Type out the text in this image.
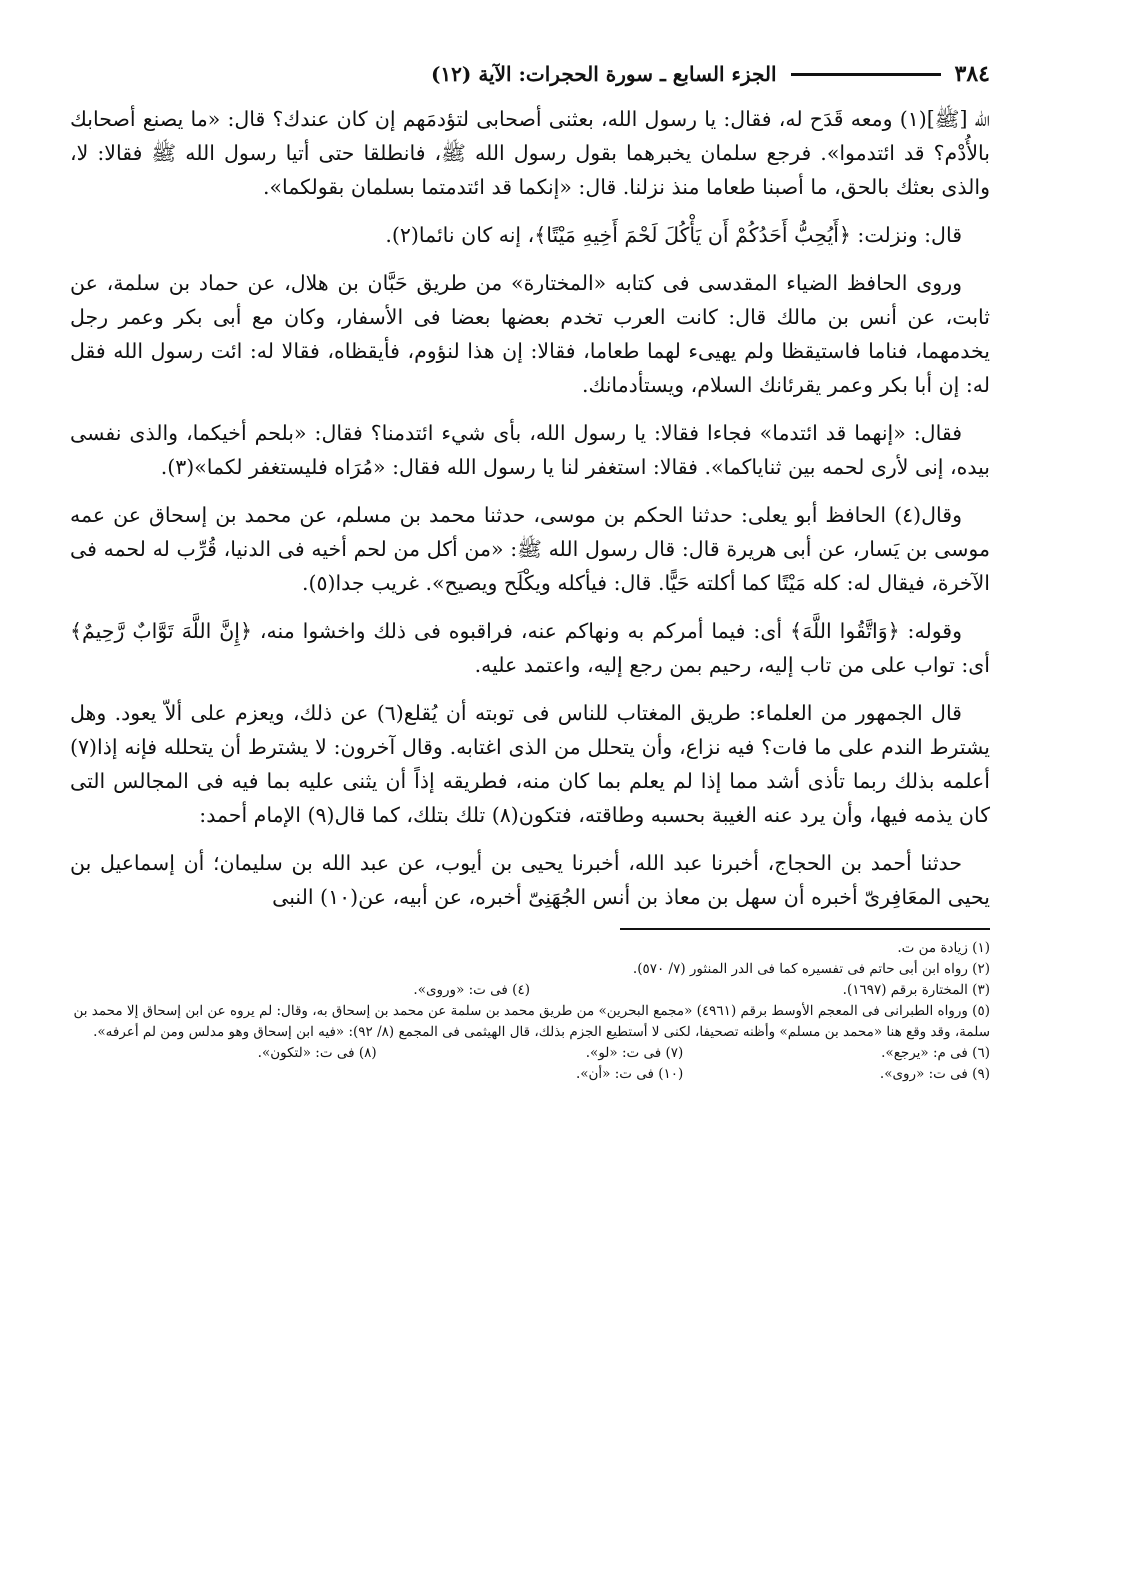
٣٨٤
الجزء السابع ـ سورة الحجرات: الآية (١٢)

الله [ﷺ](١) ومعه قَدَح له، فقال: يا رسول الله، بعثنى أصحابى لتؤدمَهم إن كان عندك؟ قال: «ما يصنع أصحابك بالأُدْم؟ قد ائتدموا». فرجع سلمان يخبرهما بقول رسول الله ﷺ، فانطلقا حتى أتيا رسول الله ﷺ فقالا: لا، والذى بعثك بالحق، ما أصبنا طعاما منذ نزلنا. قال: «إنكما قد ائتدمتما بسلمان بقولكما».

قال: ونزلت: ﴿أَيُحِبُّ أَحَدُكُمْ أَن يَأْكُلَ لَحْمَ أَخِيهِ مَيْتًا﴾، إنه كان نائما(٢).

وروى الحافظ الضياء المقدسى فى كتابه «المختارة» من طريق حَبَّان بن هلال، عن حماد بن سلمة، عن ثابت، عن أنس بن مالك قال: كانت العرب تخدم بعضها بعضا فى الأسفار، وكان مع أبى بكر وعمر رجل يخدمهما، فناما فاستيقظا ولم يهيىء لهما طعاما، فقالا: إن هذا لنؤوم، فأيقظاه، فقالا له: ائت رسول الله فقل له: إن أبا بكر وعمر يقرئانك السلام، ويستأدمانك.

فقال: «إنهما قد ائتدما» فجاءا فقالا: يا رسول الله، بأى شيء ائتدمنا؟ فقال: «بلحم أخيكما، والذى نفسى بيده، إنى لأرى لحمه بين ثناياكما». فقالا: استغفر لنا يا رسول الله فقال: «مُرَاه فليستغفر لكما»(٣).

وقال(٤) الحافظ أبو يعلى: حدثنا الحكم بن موسى، حدثنا محمد بن مسلم، عن محمد بن إسحاق عن عمه موسى بن يَسار، عن أبى هريرة قال: قال رسول الله ﷺ: «من أكل من لحم أخيه فى الدنيا، قُرِّب له لحمه فى الآخرة، فيقال له: كله مَيْتًا كما أكلته حَيًّا. قال: فيأكله ويكْلَح ويصيح». غريب جدا(٥).

وقوله: ﴿وَاتَّقُوا اللَّهَ﴾ أى: فيما أمركم به ونهاكم عنه، فراقبوه فى ذلك واخشوا منه، ﴿إِنَّ اللَّهَ تَوَّابٌ رَّحِيمٌ﴾ أى: تواب على من تاب إليه، رحيم بمن رجع إليه، واعتمد عليه.

قال الجمهور من العلماء: طريق المغتاب للناس فى توبته أن يُقلع(٦) عن ذلك، ويعزم على ألاّ يعود. وهل يشترط الندم على ما فات؟ فيه نزاع، وأن يتحلل من الذى اغتابه. وقال آخرون: لا يشترط أن يتحلله فإنه إذا(٧) أعلمه بذلك ربما تأذى أشد مما إذا لم يعلم بما كان منه، فطريقه إذاً أن يثنى عليه بما فيه فى المجالس التى كان يذمه فيها، وأن يرد عنه الغيبة بحسبه وطاقته، فتكون(٨) تلك بتلك، كما قال(٩) الإمام أحمد:

حدثنا أحمد بن الحجاج، أخبرنا عبد الله، أخبرنا يحيى بن أيوب، عن عبد الله بن سليمان؛ أن إسماعيل بن يحيى المعَافِرىّ أخبره أن سهل بن معاذ بن أنس الجُهَنِىّ أخبره، عن أبيه، عن(١٠) النبى

(١) زيادة من ت.

(٢) رواه ابن أبى حاتم فى تفسيره كما فى الدر المنثور (٧/ ٥٧٠).

(٣) المختارة برقم (١٦٩٧).

(٤) فى ت: «وروى».

(٥) ورواه الطبرانى فى المعجم الأوسط برقم (٤٩٦١) «مجمع البحرين» من طريق محمد بن سلمة عن محمد بن إسحاق به، وقال: لم يروه عن ابن إسحاق إلا محمد بن سلمة، وقد وقع هنا «محمد بن مسلم» وأظنه تصحيفا، لكنى لا أستطيع الجزم بذلك، قال الهيثمى فى المجمع (٨/ ٩٢): «فيه ابن إسحاق وهو مدلس ومن لم أعرفه».

(٦) فى م: «يرجع».

(٧) فى ت: «لو».

(٨) فى ت: «لتكون».

(٩) فى ت: «روى».

(١٠) فى ت: «أن».
